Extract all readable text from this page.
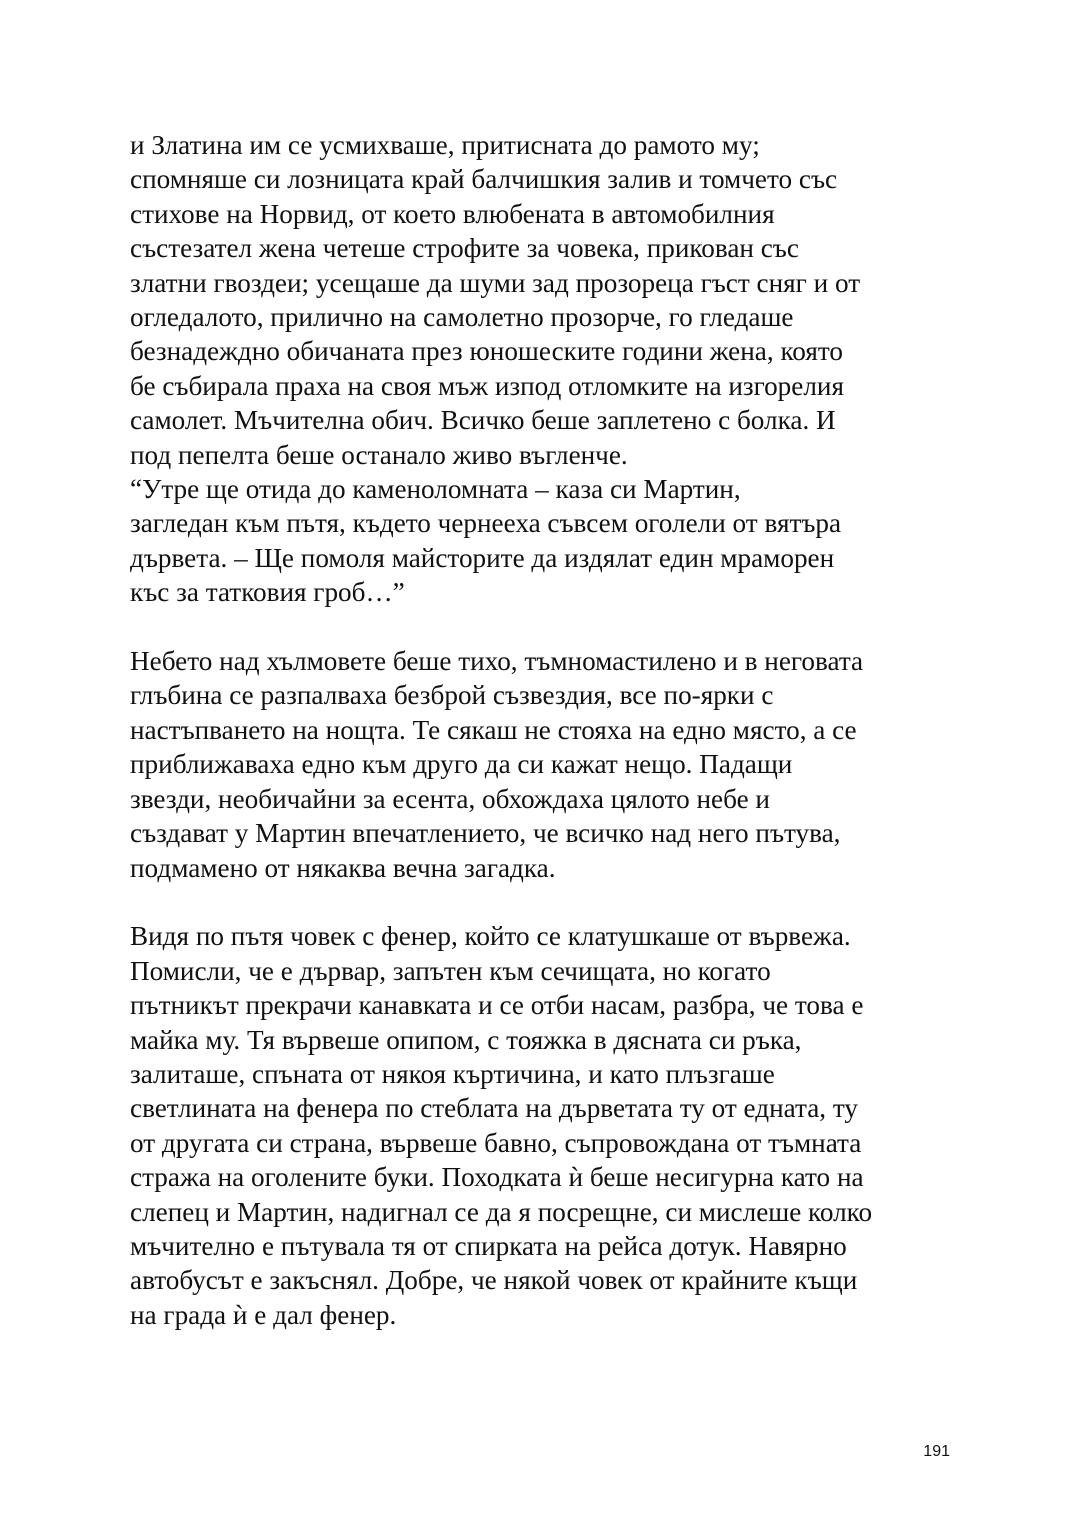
и Златина им се усмихваше, притисната до рамото му;
спомняше си лозницата край балчишкия залив и томчето със
стихове на Норвид, от което влюбената в автомобилния
състезател жена четеше строфите за човека, прикован със
златни гвоздеи; усещаше да шуми зад прозореца гъст сняг и от
огледалото, прилично на самолетно прозорче, го гледаше
безнадеждно обичаната през юношеските години жена, която
бе събирала праха на своя мъж изпод отломките на изгорелия
самолет. Мъчителна обич. Всичко беше заплетено с болка. И
под пепелта беше останало живо въгленче.

“Утре ще отида до каменоломната – каза си Мартин,
загледан към пътя, където чернееха съвсем оголели от вятъра
дървета. – Ще помоля майсторите да издялат един мраморен
къс за татковия гроб…”

Небето над хълмовете беше тихо, тъмномастилено и в неговата
глъбина се разпалваха безброй съзвездия, все по-ярки с
настъпването на нощта. Те сякаш не стояха на едно място, а се
приближаваха едно към друго да си кажат нещо. Падащи
звезди, необичайни за есента, обхождаха цялото небе и
създават у Мартин впечатлението, че всичко над него пътува,
подмамено от някаква вечна загадка.

Видя по пътя човек с фенер, който се клатушкаше от вървежа.
Помисли, че е дървар, запътен към сечищата, но когато
пътникът прекрачи канавката и се отби насам, разбра, че това е
майка му. Тя вървеше опипом, с тояжка в дясната си ръка,
залиташе, спъната от някоя къртичина, и като плъзгаше
светлината на фенера по стеблата на дърветата ту от едната, ту
от другата си страна, вървеше бавно, съпровождана от тъмната
стража на оголените буки. Походката ѝ беше несигурна като на
слепец и Мартин, надигнал се да я посрещне, си мислеше колко
мъчително е пътувала тя от спирката на рейса дотук. Навярно
автобусът е закъснял. Добре, че някой човек от крайните къщи
на града ѝ е дал фенер.

191
